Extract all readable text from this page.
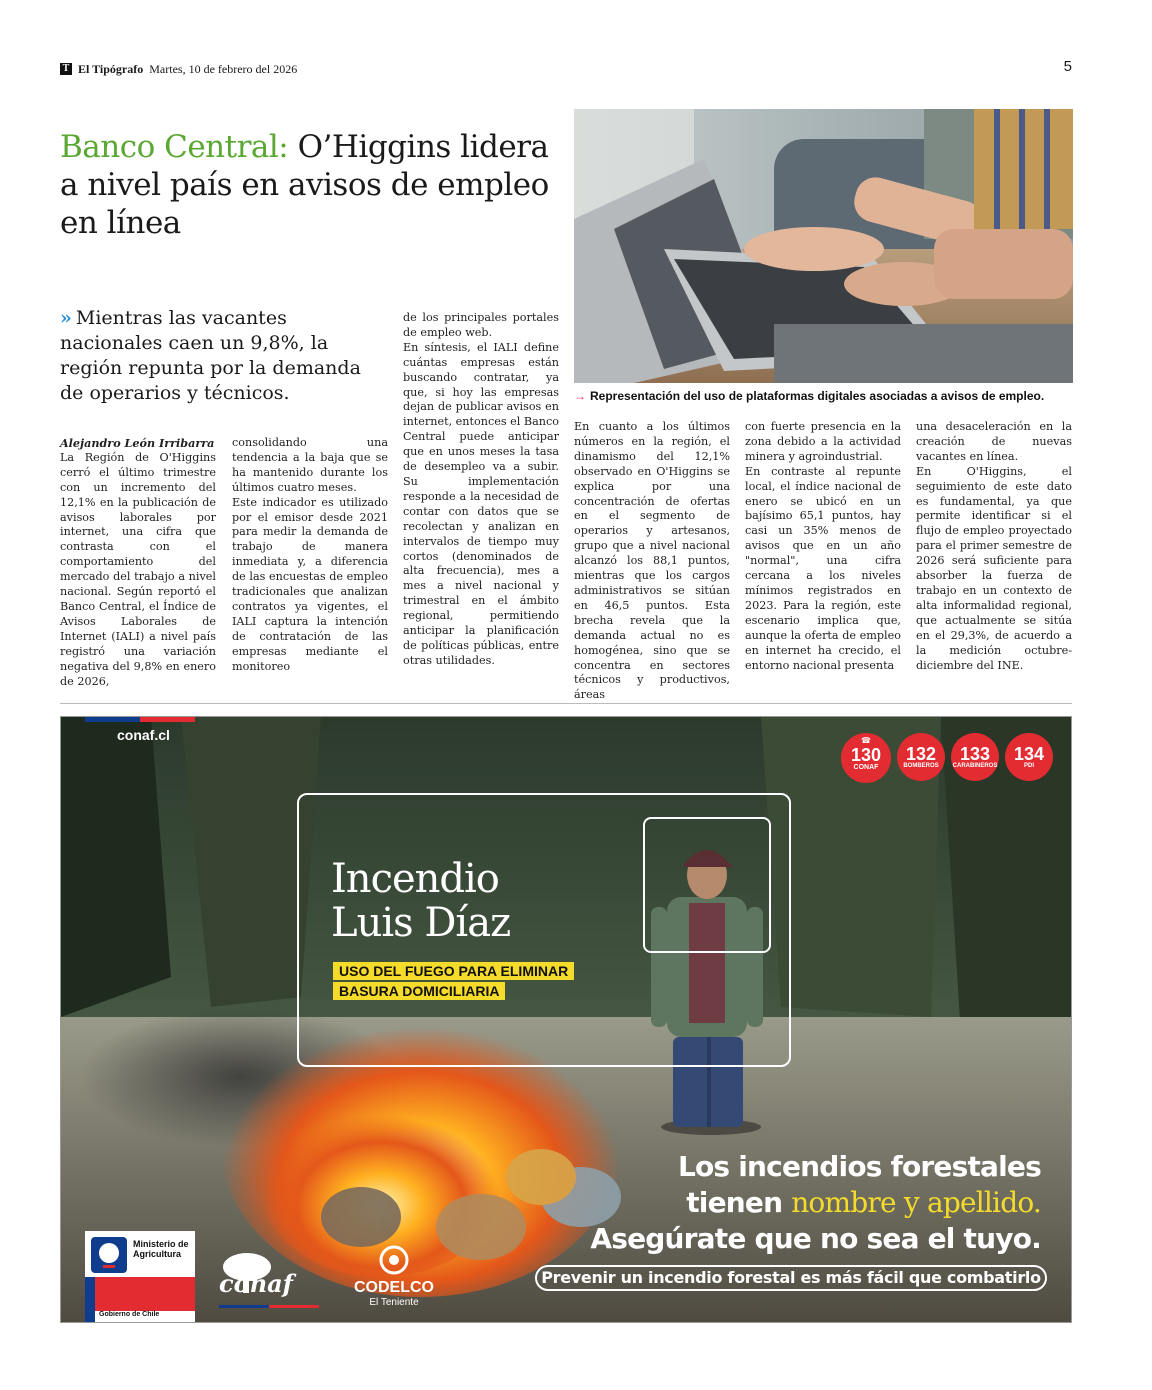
T El Tipógrafo Martes, 10 de febrero del 2026	5
Banco Central: O’Higgins lidera a nivel país en avisos de empleo en línea
» Mientras las vacantes nacionales caen un 9,8%, la región repunta por la demanda de operarios y técnicos.	→ Representación del uso de plataformas digitales asociadas a avisos de empleo.

Alejandro León Irribarra

La Región de O'Higgins cerró el último trimestre con un incremento del 12,1% en la publicación de avisos laborales por internet, una cifra que contrasta con el comportamiento del mercado del trabajo a nivel nacional. Según reportó el Banco Central, el Índice de Avisos Laborales de Internet (IALI) a nivel país registró una variación negativa del 9,8% en enero de 2026,

consolidando una tendencia a la baja que se ha mantenido durante los últimos cuatro meses.
Este indicador es utilizado por el emisor desde 2021 para medir la demanda de trabajo de manera inmediata y, a diferencia de las encuestas de empleo tradicionales que analizan contratos ya vigentes, el IALI captura la intención de contratación de las empresas mediante el monitoreo
de los principales portales de empleo web.
En síntesis, el IALI define cuántas empresas están buscando contratar, ya que, si hoy las empresas dejan de publicar avisos en internet, entonces el Banco Central puede anticipar que en unos meses la tasa de desempleo va a subir. Su implementación responde a la necesidad de contar con datos que se recolectan y analizan en intervalos de tiempo muy cortos (denominados de alta frecuencia), mes a mes a nivel nacional y trimestral en el ámbito regional, permitiendo anticipar la planificación de políticas públicas, entre otras utilidades.
En cuanto a los últimos números en la región, el dinamismo del 12,1% observado en O'Higgins se explica por una concentración de ofertas en el segmento de operarios y artesanos, grupo que a nivel nacional alcanzó los 88,1 puntos, mientras que los cargos administrativos se sitúan en 46,5 puntos. Esta brecha revela que la demanda actual no es homogénea, sino que se concentra en sectores técnicos y productivos, áreas
con fuerte presencia en la zona debido a la actividad minera y agroindustrial.
En contraste al repunte local, el índice nacional de enero se ubicó en un bajísimo 65,1 puntos, hay casi un 35% menos de avisos que en un año "normal", una cifra cercana a los niveles mínimos registrados en 2023. Para la región, este escenario implica que, aunque la oferta de empleo en internet ha crecido, el entorno nacional presenta
una desaceleración en la creación de nuevas vacantes en línea.
En O'Higgins, el seguimiento de este dato es fundamental, ya que permite identificar si el flujo de empleo proyectado para el primer semestre de 2026 será suficiente para absorber la fuerza de trabajo en un contexto de alta informalidad regional, que actualmente se sitúa en el 29,3%, de acuerdo a la medición octubre-diciembre del INE.
conaf.cl	☎
130
CONAF
132
BOMBEROS
133
CARABINEROS
134
PDI
Incendio
Luis Díaz
USO DEL FUEGO PARA ELIMINAR
BASURA DOMICILIARIA
Los incendios forestales
tienen nombre y apellido.
Asegúrate que no sea el tuyo.
Prevenir un incendio forestal es más fácil que combatirlo
Ministerio de
Agricultura
Gobierno de Chile
conaf	CODELCO
El Teniente
